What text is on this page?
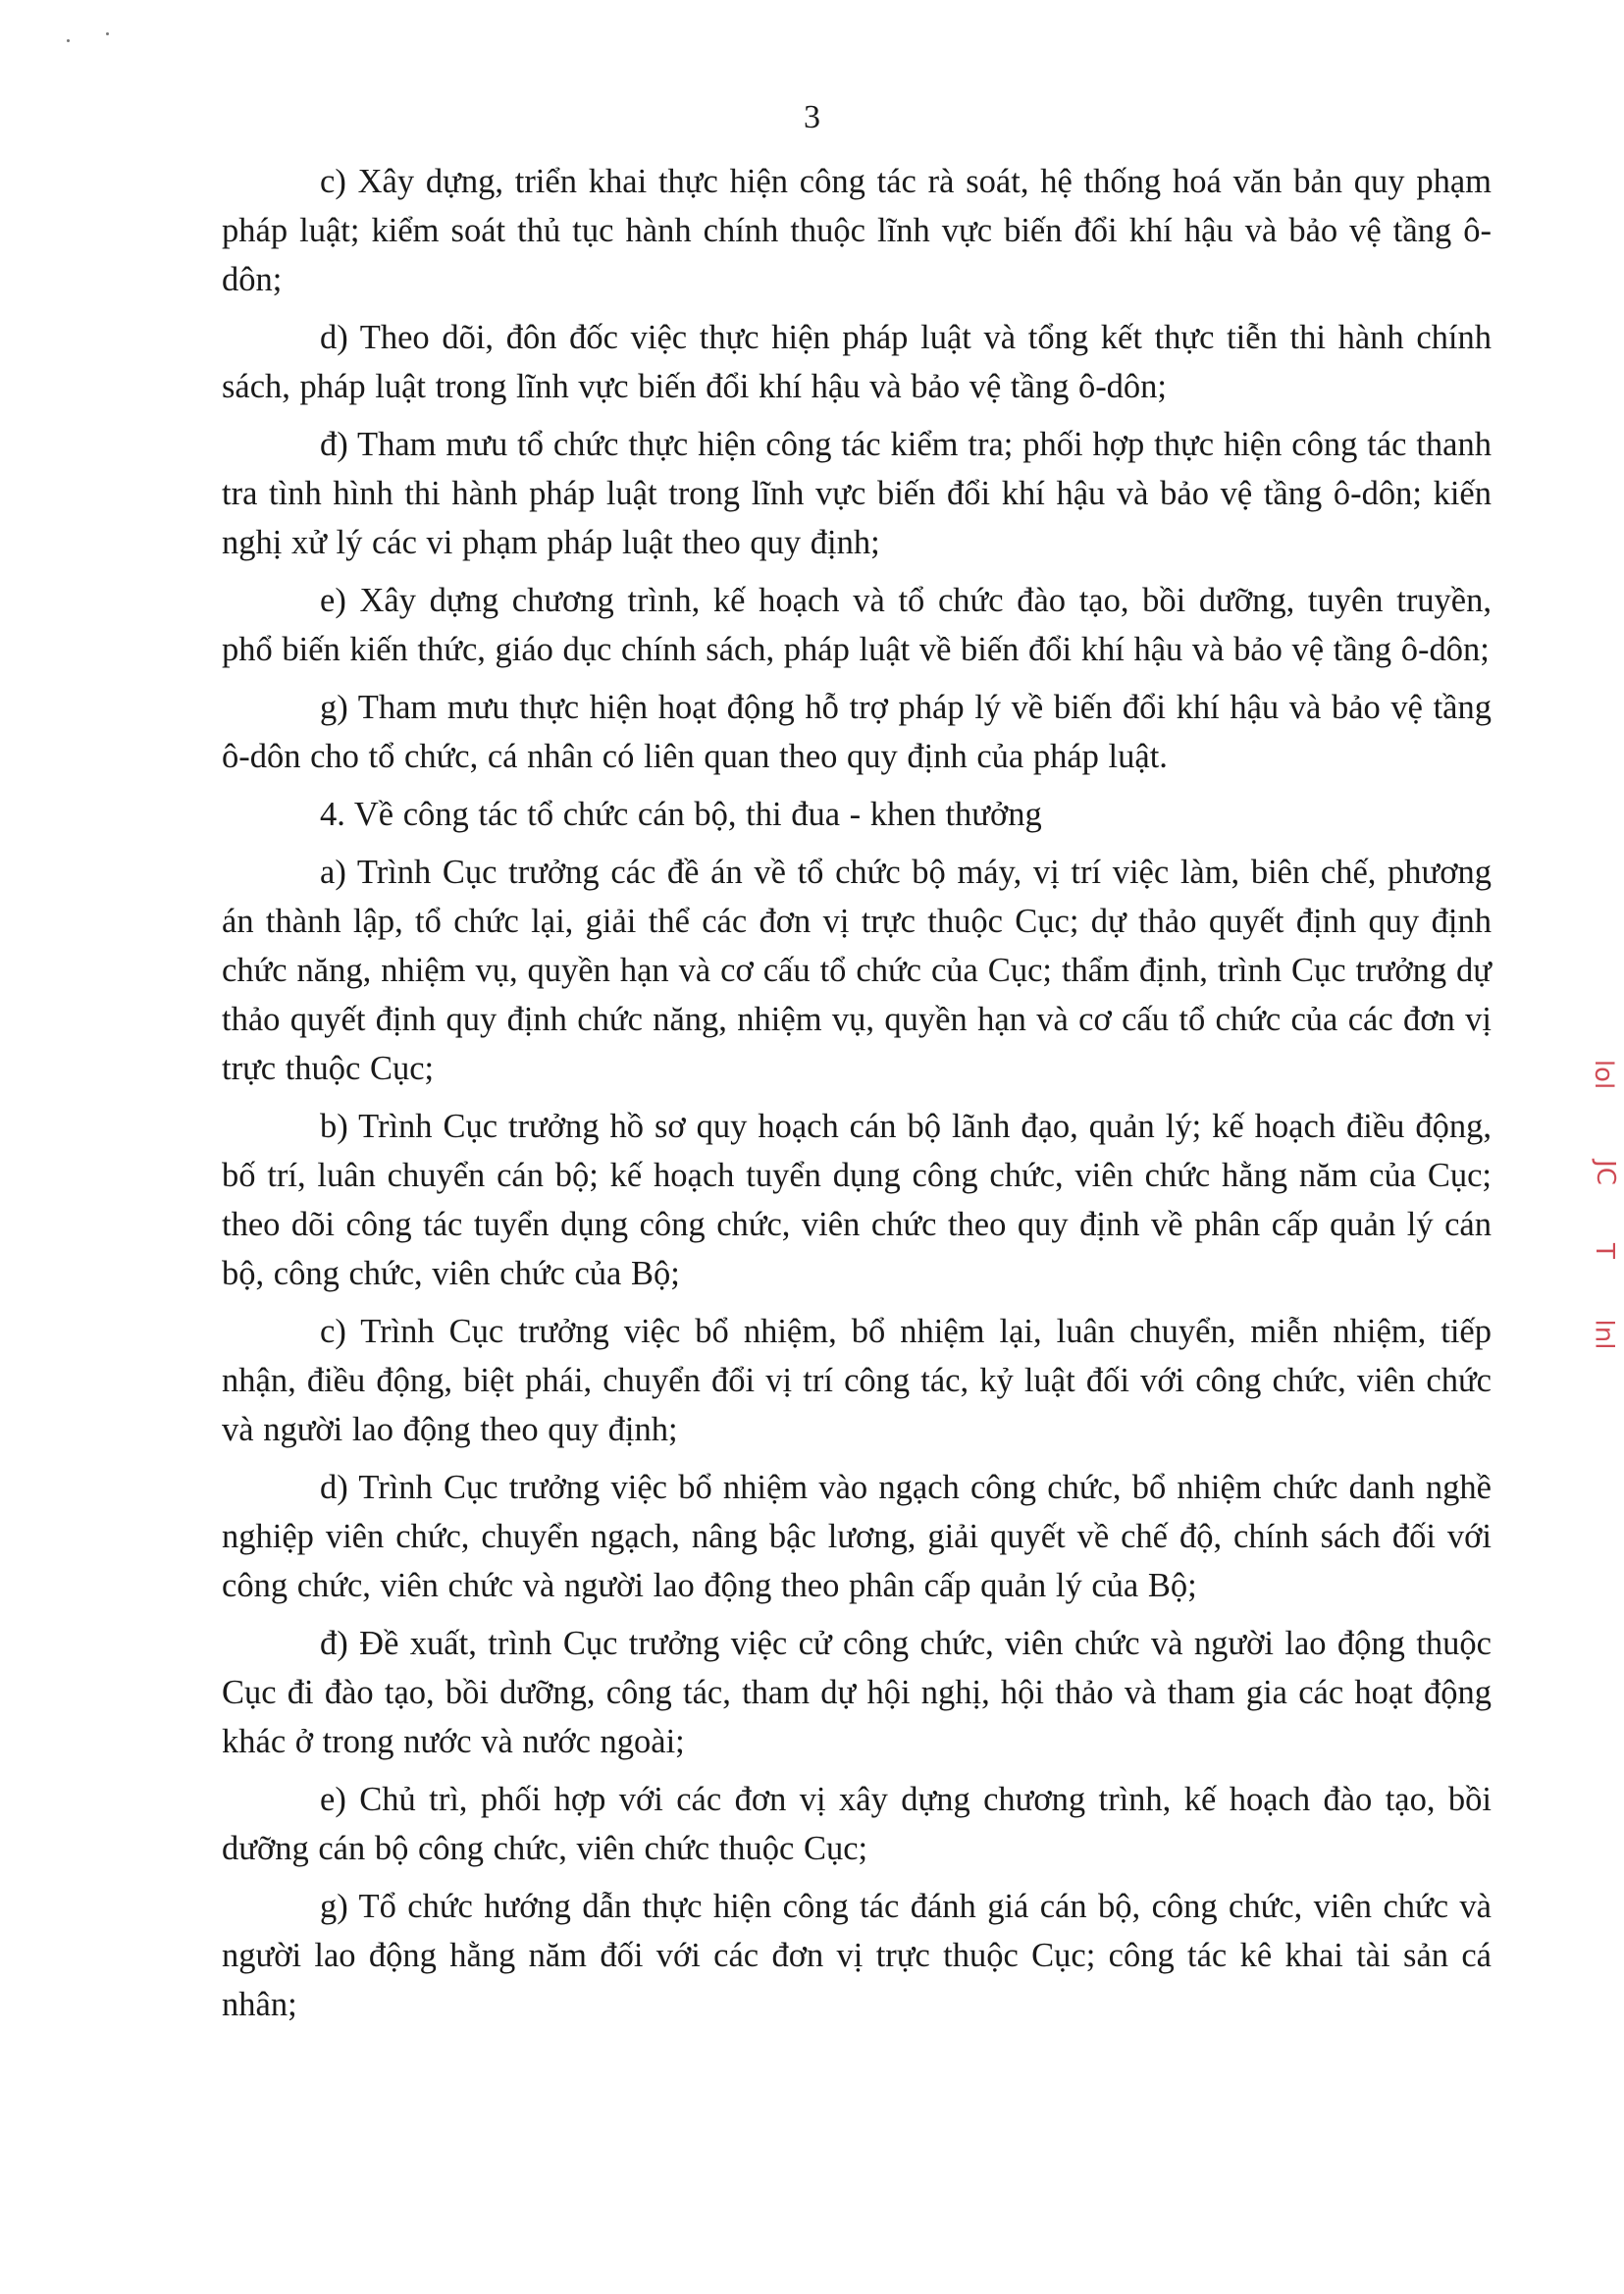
3

c) Xây dựng, triển khai thực hiện công tác rà soát, hệ thống hoá văn bản quy phạm pháp luật; kiểm soát thủ tục hành chính thuộc lĩnh vực biến đổi khí hậu và bảo vệ tầng ô-dôn;

d) Theo dõi, đôn đốc việc thực hiện pháp luật và tổng kết thực tiễn thi hành chính sách, pháp luật trong lĩnh vực biến đổi khí hậu và bảo vệ tầng ô-dôn;

đ) Tham mưu tổ chức thực hiện công tác kiểm tra; phối hợp thực hiện công tác thanh tra tình hình thi hành pháp luật trong lĩnh vực biến đổi khí hậu và bảo vệ tầng ô-dôn; kiến nghị xử lý các vi phạm pháp luật theo quy định;

e) Xây dựng chương trình, kế hoạch và tổ chức đào tạo, bồi dưỡng, tuyên truyền, phổ biến kiến thức, giáo dục chính sách, pháp luật về biến đổi khí hậu và bảo vệ tầng ô-dôn;

g) Tham mưu thực hiện hoạt động hỗ trợ pháp lý về biến đổi khí hậu và bảo vệ tầng ô-dôn cho tổ chức, cá nhân có liên quan theo quy định của pháp luật.

4. Về công tác tổ chức cán bộ, thi đua - khen thưởng

a) Trình Cục trưởng các đề án về tổ chức bộ máy, vị trí việc làm, biên chế, phương án thành lập, tổ chức lại, giải thể các đơn vị trực thuộc Cục; dự thảo quyết định quy định chức năng, nhiệm vụ, quyền hạn và cơ cấu tổ chức của Cục; thẩm định, trình Cục trưởng dự thảo quyết định quy định chức năng, nhiệm vụ, quyền hạn và cơ cấu tổ chức của các đơn vị trực thuộc Cục;

b) Trình Cục trưởng hồ sơ quy hoạch cán bộ lãnh đạo, quản lý; kế hoạch điều động, bố trí, luân chuyển cán bộ; kế hoạch tuyển dụng công chức, viên chức hằng năm của Cục; theo dõi công tác tuyển dụng công chức, viên chức theo quy định về phân cấp quản lý cán bộ, công chức, viên chức của Bộ;

c) Trình Cục trưởng việc bổ nhiệm, bổ nhiệm lại, luân chuyển, miễn nhiệm, tiếp nhận, điều động, biệt phái, chuyển đổi vị trí công tác, kỷ luật đối với công chức, viên chức và người lao động theo quy định;

d) Trình Cục trưởng việc bổ nhiệm vào ngạch công chức, bổ nhiệm chức danh nghề nghiệp viên chức, chuyển ngạch, nâng bậc lương, giải quyết về chế độ, chính sách đối với công chức, viên chức và người lao động theo phân cấp quản lý của Bộ;

đ) Đề xuất, trình Cục trưởng việc cử công chức, viên chức và người lao động thuộc Cục đi đào tạo, bồi dưỡng, công tác, tham dự hội nghị, hội thảo và tham gia các hoạt động khác ở trong nước và nước ngoài;

e) Chủ trì, phối hợp với các đơn vị xây dựng chương trình, kế hoạch đào tạo, bồi dưỡng cán bộ công chức, viên chức thuộc Cục;

g) Tổ chức hướng dẫn thực hiện công tác đánh giá cán bộ, công chức, viên chức và người lao động hằng năm đối với các đơn vị trực thuộc Cục; công tác kê khai tài sản cá nhân;

lol
JC
T
lnl
